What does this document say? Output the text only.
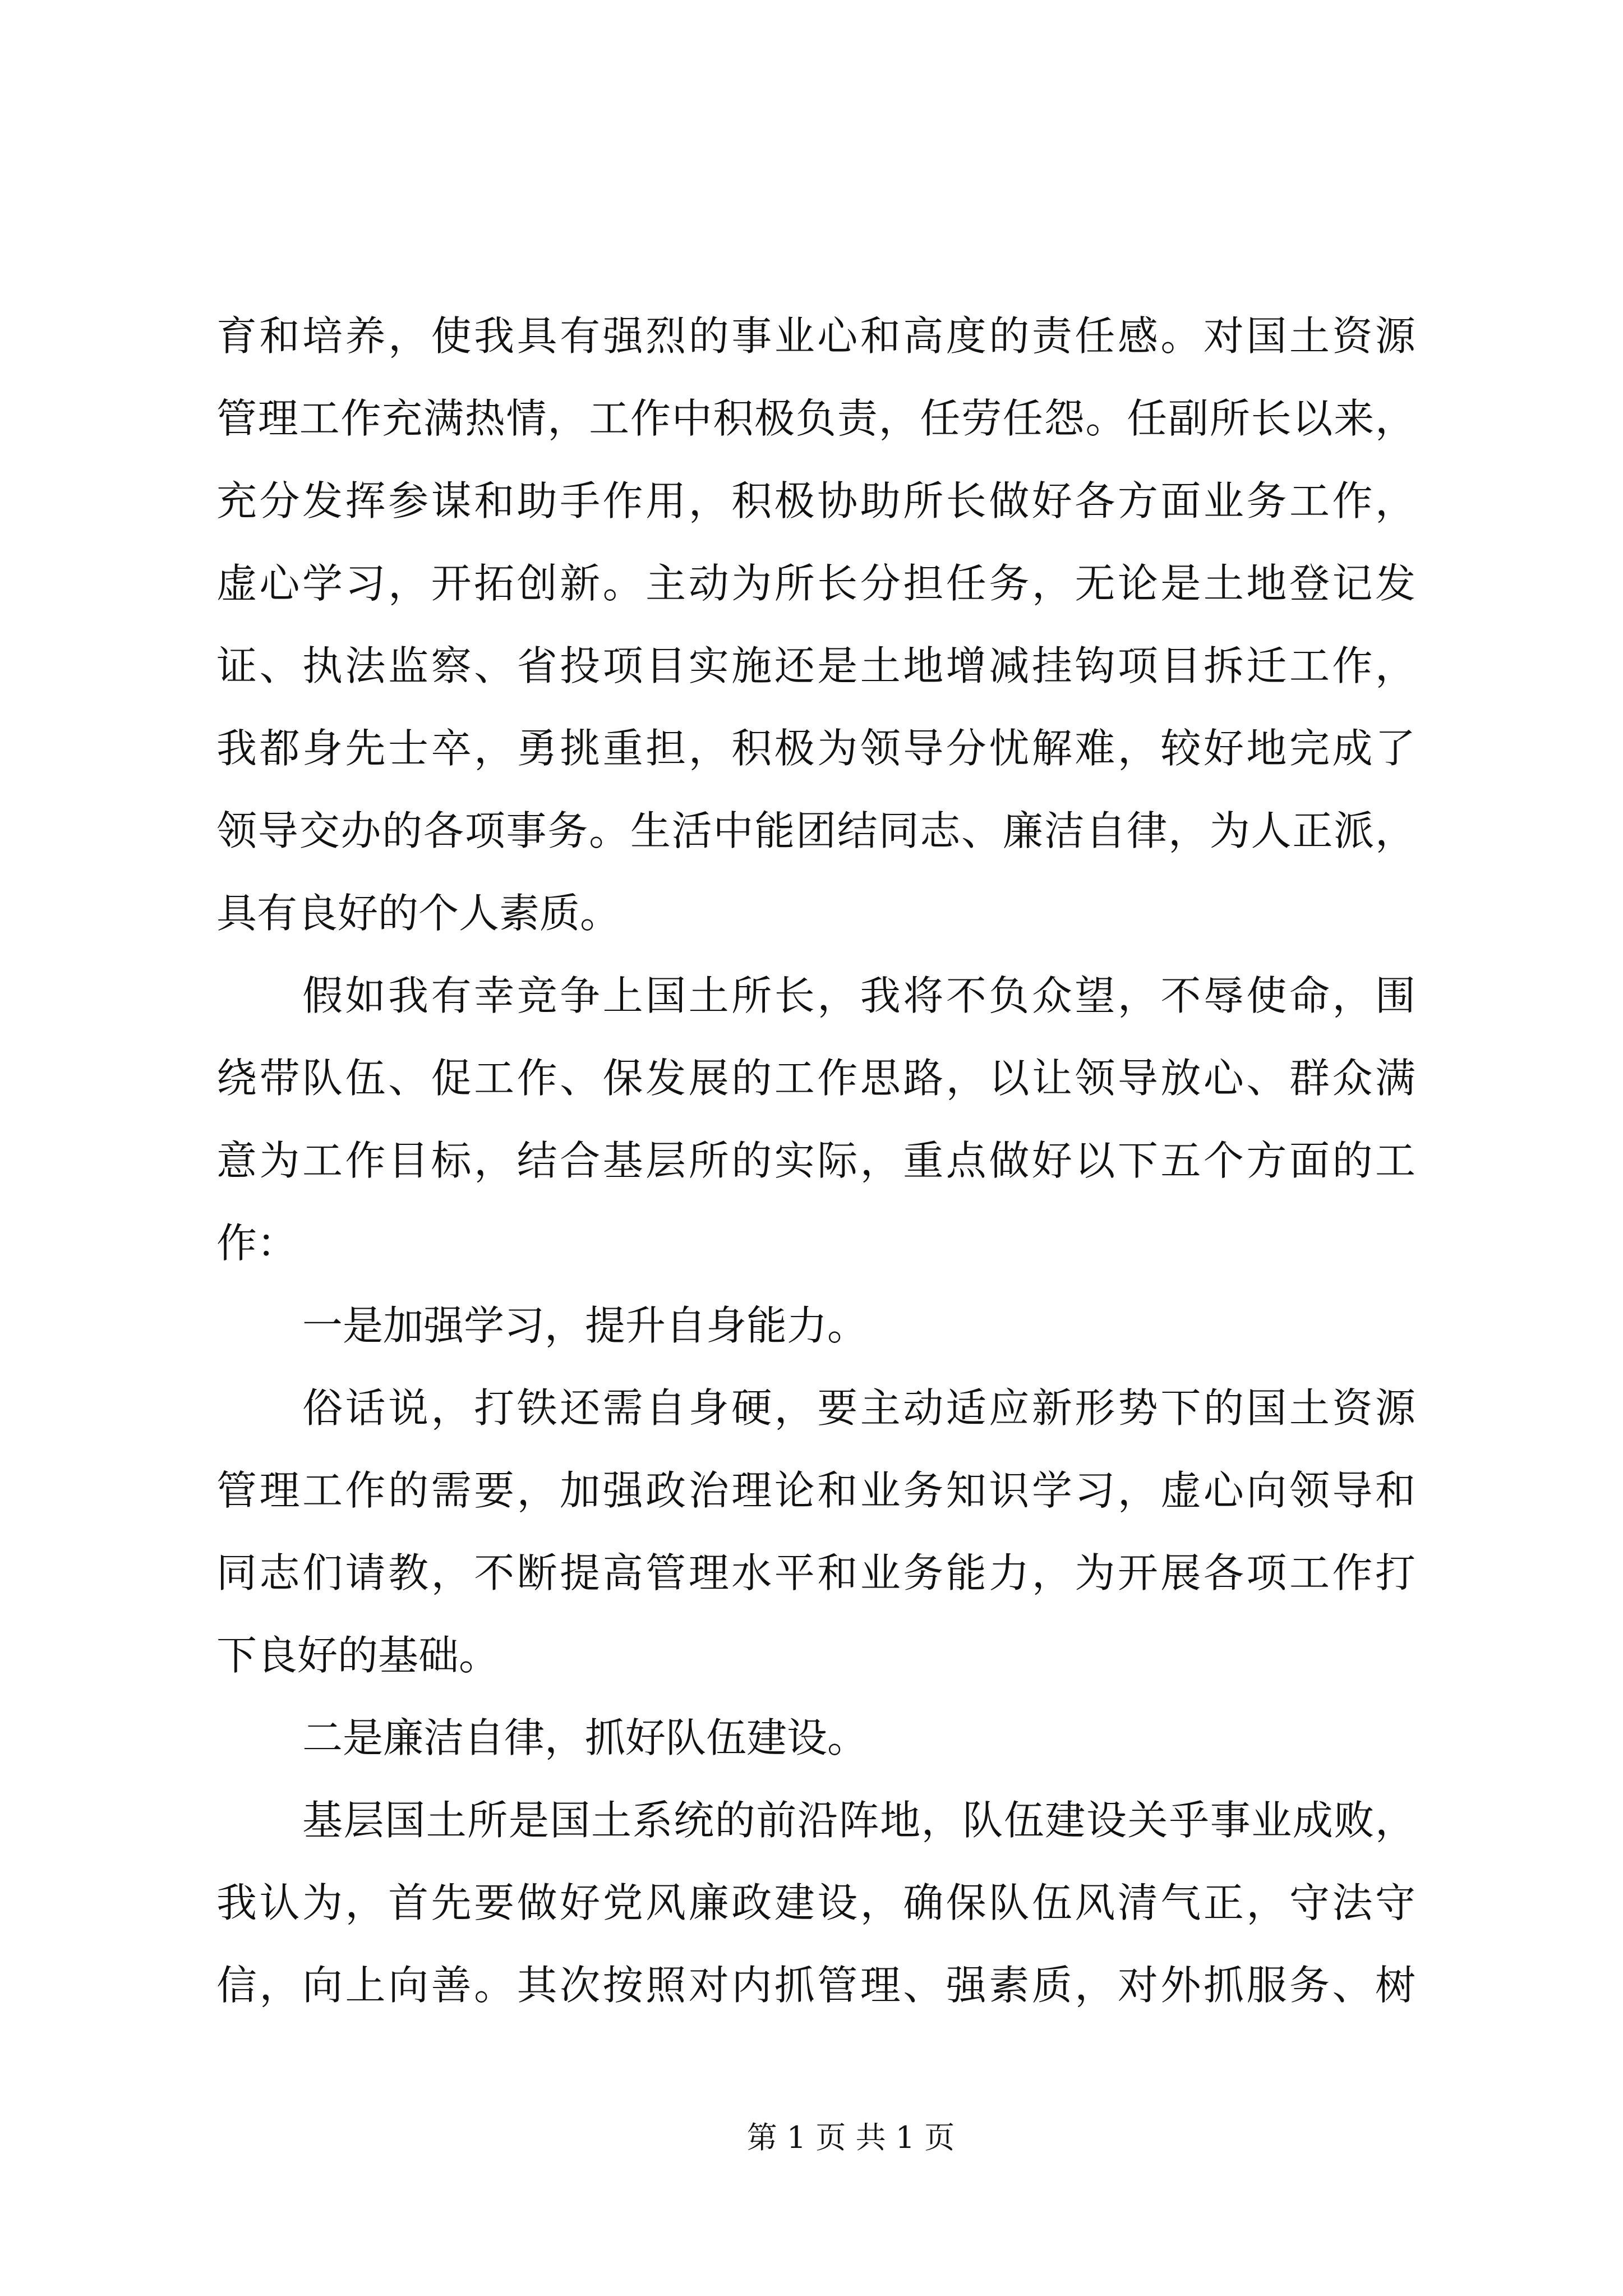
育和培养，使我具有强烈的事业心和高度的责任感。对国土资源
管理工作充满热情，工作中积极负责，任劳任怨。任副所长以来，
充分发挥参谋和助手作用，积极协助所长做好各方面业务工作，
虚心学习，开拓创新。主动为所长分担任务，无论是土地登记发
证、执法监察、省投项目实施还是土地增减挂钩项目拆迁工作，
我都身先士卒，勇挑重担，积极为领导分忧解难，较好地完成了
领导交办的各项事务。生活中能团结同志、廉洁自律，为人正派，
具有良好的个人素质。
假如我有幸竞争上国土所长，我将不负众望，不辱使命，围
绕带队伍、促工作、保发展的工作思路，以让领导放心、群众满
意为工作目标，结合基层所的实际，重点做好以下五个方面的工
作：
一是加强学习，提升自身能力。
俗话说，打铁还需自身硬，要主动适应新形势下的国土资源
管理工作的需要，加强政治理论和业务知识学习，虚心向领导和
同志们请教，不断提高管理水平和业务能力，为开展各项工作打
下良好的基础。
二是廉洁自律，抓好队伍建设。
基层国土所是国土系统的前沿阵地，队伍建设关乎事业成败，
我认为，首先要做好党风廉政建设，确保队伍风清气正，守法守
信，向上向善。其次按照对内抓管理、强素质，对外抓服务、树
第 1 页 共 1 页
